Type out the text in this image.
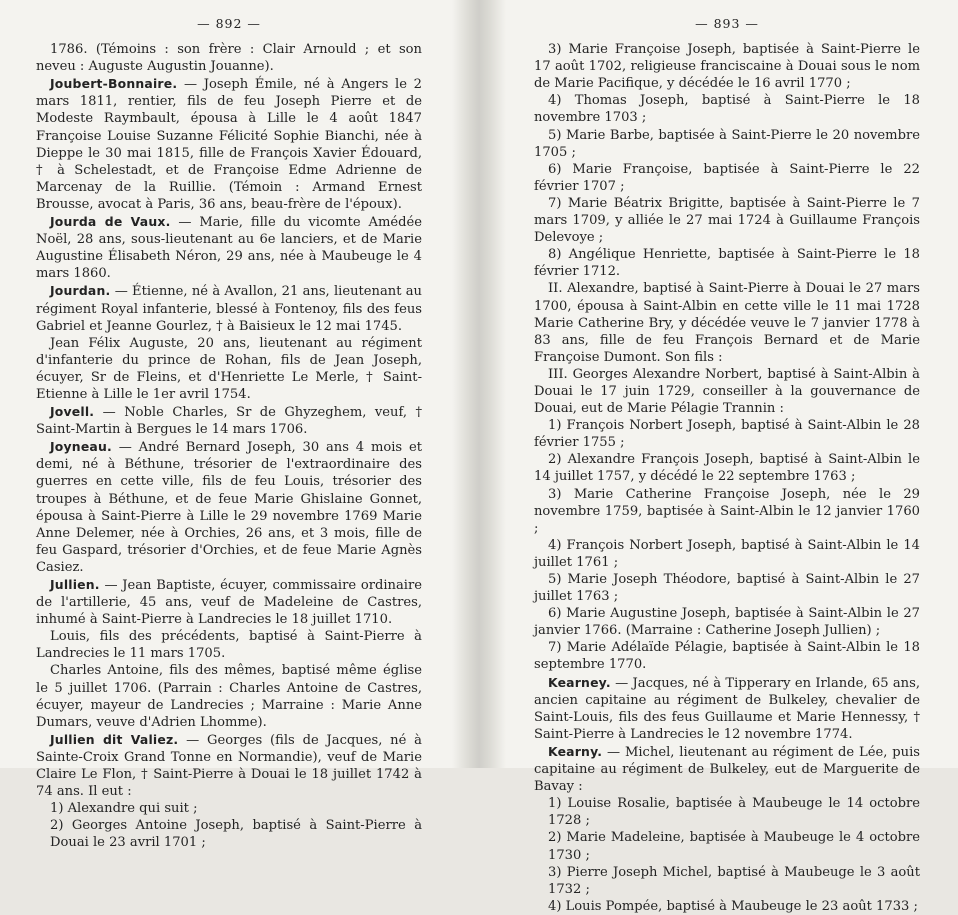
— 892 —

1786. (Témoins : son frère : Clair Arnould ; et son neveu : Auguste Augustin Jouanne).

Joubert-Bonnaire. — Joseph Émile, né à Angers le 2 mars 1811, rentier, fils de feu Joseph Pierre et de Modeste Raymbault, épousa à Lille le 4 août 1847 Françoise Louise Suzanne Félicité Sophie Bianchi, née à Dieppe le 30 mai 1815, fille de François Xavier Édouard, † à Schelestadt, et de Françoise Edme Adrienne de Marcenay de la Ruillie. (Témoin : Armand Ernest Brousse, avocat à Paris, 36 ans, beau-frère de l'époux).

Jourda de Vaux. — Marie, fille du vicomte Amédée Noël, 28 ans, sous-lieutenant au 6e lanciers, et de Marie Augustine Élisabeth Néron, 29 ans, née à Maubeuge le 4 mars 1860.

Jourdan. — Étienne, né à Avallon, 21 ans, lieutenant au régiment Royal infanterie, blessé à Fontenoy, fils des feus Gabriel et Jeanne Gourlez, † à Baisieux le 12 mai 1745.

Jean Félix Auguste, 20 ans, lieutenant au régiment d'infanterie du prince de Rohan, fils de Jean Joseph, écuyer, Sr de Fleins, et d'Henriette Le Merle, † Saint-Etienne à Lille le 1er avril 1754.

Jovell. — Noble Charles, Sr de Ghyzeghem, veuf, † Saint-Martin à Bergues le 14 mars 1706.

Joyneau. — André Bernard Joseph, 30 ans 4 mois et demi, né à Béthune, trésorier de l'extraordinaire des guerres en cette ville, fils de feu Louis, trésorier des troupes à Béthune, et de feue Marie Ghislaine Gonnet, épousa à Saint-Pierre à Lille le 29 novembre 1769 Marie Anne Delemer, née à Orchies, 26 ans, et 3 mois, fille de feu Gaspard, trésorier d'Orchies, et de feue Marie Agnès Casiez.

Jullien. — Jean Baptiste, écuyer, commissaire ordinaire de l'artillerie, 45 ans, veuf de Madeleine de Castres, inhumé à Saint-Pierre à Landrecies le 18 juillet 1710.

Louis, fils des précédents, baptisé à Saint-Pierre à Landrecies le 11 mars 1705.

Charles Antoine, fils des mêmes, baptisé même église le 5 juillet 1706. (Parrain : Charles Antoine de Castres, écuyer, mayeur de Landrecies ; Marraine : Marie Anne Dumars, veuve d'Adrien Lhomme).

Jullien dit Valiez. — Georges (fils de Jacques, né à Sainte-Croix Grand Tonne en Normandie), veuf de Marie Claire Le Flon, † Saint-Pierre à Douai le 18 juillet 1742 à 74 ans. Il eut :

1) Alexandre qui suit ;

2) Georges Antoine Joseph, baptisé à Saint-Pierre à Douai le 23 avril 1701 ;

— 893 —

3) Marie Françoise Joseph, baptisée à Saint-Pierre le 17 août 1702, religieuse franciscaine à Douai sous le nom de Marie Pacifique, y décédée le 16 avril 1770 ;

4) Thomas Joseph, baptisé à Saint-Pierre le 18 novembre 1703 ;

5) Marie Barbe, baptisée à Saint-Pierre le 20 novembre 1705 ;

6) Marie Françoise, baptisée à Saint-Pierre le 22 février 1707 ;

7) Marie Béatrix Brigitte, baptisée à Saint-Pierre le 7 mars 1709, y alliée le 27 mai 1724 à Guillaume François Delevoye ;

8) Angélique Henriette, baptisée à Saint-Pierre le 18 février 1712.

II. Alexandre, baptisé à Saint-Pierre à Douai le 27 mars 1700, épousa à Saint-Albin en cette ville le 11 mai 1728 Marie Catherine Bry, y décédée veuve le 7 janvier 1778 à 83 ans, fille de feu François Bernard et de Marie Françoise Dumont. Son fils :

III. Georges Alexandre Norbert, baptisé à Saint-Albin à Douai le 17 juin 1729, conseiller à la gouvernance de Douai, eut de Marie Pélagie Trannin :

1) François Norbert Joseph, baptisé à Saint-Albin le 28 février 1755 ;

2) Alexandre François Joseph, baptisé à Saint-Albin le 14 juillet 1757, y décédé le 22 septembre 1763 ;

3) Marie Catherine Françoise Joseph, née le 29 novembre 1759, baptisée à Saint-Albin le 12 janvier 1760 ;

4) François Norbert Joseph, baptisé à Saint-Albin le 14 juillet 1761 ;

5) Marie Joseph Théodore, baptisé à Saint-Albin le 27 juillet 1763 ;

6) Marie Augustine Joseph, baptisée à Saint-Albin le 27 janvier 1766. (Marraine : Catherine Joseph Jullien) ;

7) Marie Adélaïde Pélagie, baptisée à Saint-Albin le 18 septembre 1770.

Kearney. — Jacques, né à Tipperary en Irlande, 65 ans, ancien capitaine au régiment de Bulkeley, chevalier de Saint-Louis, fils des feus Guillaume et Marie Hennessy, † Saint-Pierre à Landrecies le 12 novembre 1774.

Kearny. — Michel, lieutenant au régiment de Lée, puis capitaine au régiment de Bulkeley, eut de Marguerite de Bavay :

1) Louise Rosalie, baptisée à Maubeuge le 14 octobre 1728 ;

2) Marie Madeleine, baptisée à Maubeuge le 4 octobre 1730 ;

3) Pierre Joseph Michel, baptisé à Maubeuge le 3 août 1732 ;

4) Louis Pompée, baptisé à Maubeuge le 23 août 1733 ;
